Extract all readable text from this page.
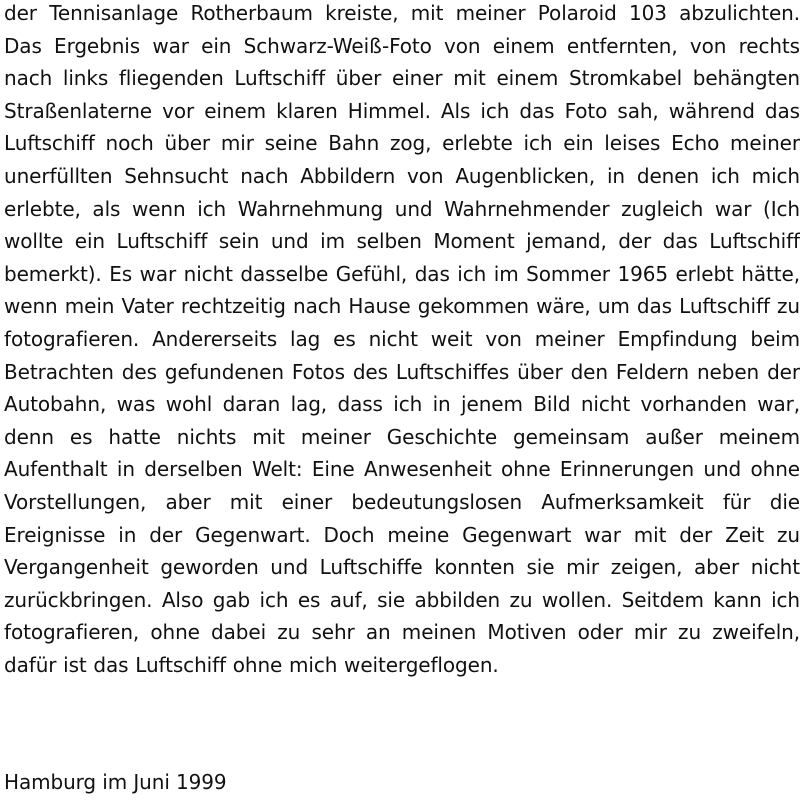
der Tennisanlage Rotherbaum kreiste, mit meiner Polaroid 103 abzulichten. Das Ergebnis war ein Schwarz-Weiß-Foto von einem entfernten, von rechts nach links fliegenden Luftschiff über einer mit einem Stromkabel behängten Straßenlaterne vor einem klaren Himmel. Als ich das Foto sah, während das Luftschiff noch über mir seine Bahn zog, erlebte ich ein leises Echo meiner unerfüllten Sehnsucht nach Abbildern von Augenblicken, in denen ich mich erlebte, als wenn ich Wahrnehmung und Wahrnehmender zugleich war (Ich wollte ein Luftschiff sein und im selben Moment jemand, der das Luftschiff bemerkt). Es war nicht dasselbe Gefühl, das ich im Sommer 1965 erlebt hätte, wenn mein Vater rechtzeitig nach Hause gekommen wäre, um das Luftschiff zu fotografieren. Andererseits lag es nicht weit von meiner Empfindung beim Betrachten des gefundenen Fotos des Luftschiffes über den Feldern neben der Autobahn, was wohl daran lag, dass ich in jenem Bild nicht vorhanden war, denn es hatte nichts mit meiner Geschichte gemeinsam außer meinem Aufenthalt in derselben Welt: Eine Anwesenheit ohne Erinnerungen und ohne Vorstellungen, aber mit einer bedeutungslosen Aufmerksamkeit für die Ereignisse in der Gegenwart. Doch meine Gegenwart war mit der Zeit zu Vergangenheit geworden und Luftschiffe konnten sie mir zeigen, aber nicht zurückbringen. Also gab ich es auf, sie abbilden zu wollen. Seitdem kann ich fotografieren, ohne dabei zu sehr an meinen Motiven oder mir zu zweifeln, dafür ist das Luftschiff ohne mich weitergeflogen.

Hamburg im Juni 1999
